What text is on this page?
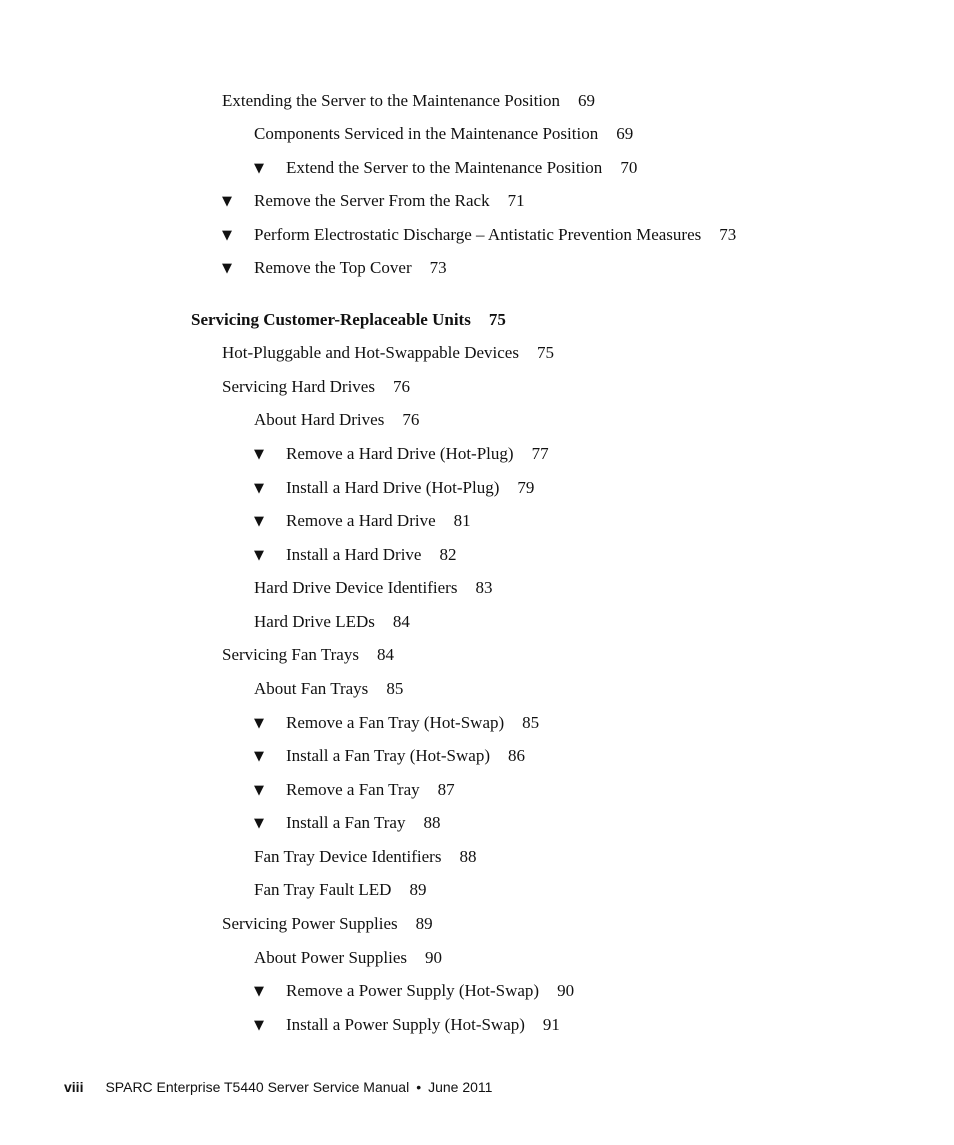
Extending the Server to the Maintenance Position 69
Components Serviced in the Maintenance Position 69
▼ Extend the Server to the Maintenance Position 70
▼ Remove the Server From the Rack 71
▼ Perform Electrostatic Discharge – Antistatic Prevention Measures 73
▼ Remove the Top Cover 73
Servicing Customer-Replaceable Units 75
Hot-Pluggable and Hot-Swappable Devices 75
Servicing Hard Drives 76
About Hard Drives 76
▼ Remove a Hard Drive (Hot-Plug) 77
▼ Install a Hard Drive (Hot-Plug) 79
▼ Remove a Hard Drive 81
▼ Install a Hard Drive 82
Hard Drive Device Identifiers 83
Hard Drive LEDs 84
Servicing Fan Trays 84
About Fan Trays 85
▼ Remove a Fan Tray (Hot-Swap) 85
▼ Install a Fan Tray (Hot-Swap) 86
▼ Remove a Fan Tray 87
▼ Install a Fan Tray 88
Fan Tray Device Identifiers 88
Fan Tray Fault LED 89
Servicing Power Supplies 89
About Power Supplies 90
▼ Remove a Power Supply (Hot-Swap) 90
▼ Install a Power Supply (Hot-Swap) 91
viii SPARC Enterprise T5440 Server Service Manual • June 2011
